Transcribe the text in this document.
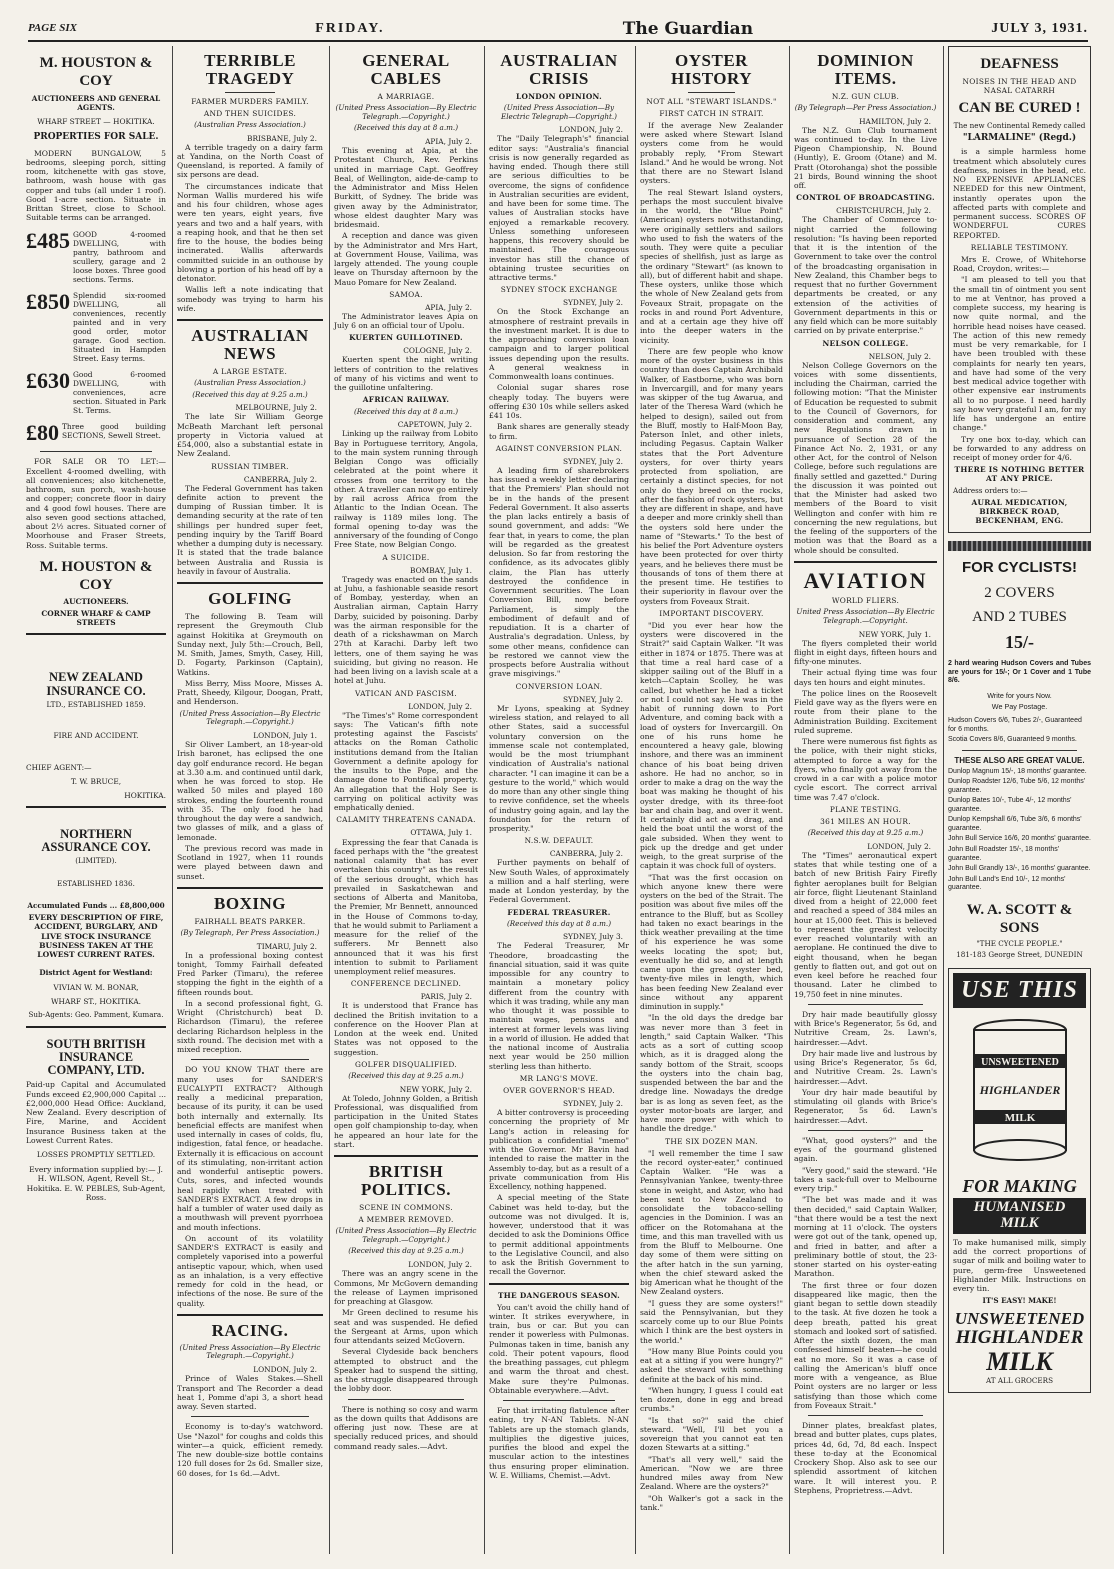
PAGE SIX	FRIDAY.	The Guardian	JULY 3, 1931.
M. HOUSTON & COY
AUCTIONEERS AND GENERAL AGENTS.
WHARF STREET — HOKITIKA.
PROPERTIES FOR SALE.

MODERN BUNGALOW, 5 bedrooms, sleeping porch, sitting room, kitchenette with gas stove, bathroom, wash house with gas copper and tubs (all under 1 roof). Good 1-acre section. Situate in Brittan Street, close to School. Suitable terms can be arranged.

£485 GOOD 4-roomed DWELLING, with pantry, bathroom and scullery, garage and 2 loose boxes. Three good sections. Terms.
£850 Splendid six-roomed DWELLING, all conveniences, recently painted and in very good order, motor garage. Good section. Situated in Hampden Street. Easy terms.
£630 Good 6-roomed DWELLING, with conveniences, acre section. Situated in Park St. Terms.
£80 Three good building SECTIONS, Sewell Street.

FOR SALE OR TO LET:—Excellent 4-roomed dwelling, with all conveniences; also kitchenette, bathroom, sun porch, wash-house and copper; concrete floor in dairy and 4 good fowl houses. There are also seven good sections attached, about 2½ acres. Situated corner of Moorhouse and Fraser Streets, Ross. Suitable terms.

M. HOUSTON & COY
AUCTIONEERS.
CORNER WHARF & CAMP STREETS
NEW ZEALAND INSURANCE CO.
LTD., ESTABLISHED 1859.
FIRE AND ACCIDENT.
CHIEF AGENT:—
T. W. BRUCE,
HOKITIKA.
NORTHERN ASSURANCE COY.
(LIMITED).
ESTABLISHED 1836.
Accumulated Funds ... £8,800,000

EVERY DESCRIPTION OF FIRE, ACCIDENT, BURGLARY, AND LIVE STOCK INSURANCE BUSINESS TAKEN AT THE LOWEST CURRENT RATES.

District Agent for Westland:
VIVIAN W. M. BONAR,
WHARF ST., HOKITIKA.
Sub-Agents: Geo. Pamment, Kumara.
SOUTH BRITISH INSURANCE COMPANY, LTD.

Paid-up Capital and Accumulated Funds exceed £2,900,000 Capital ... £2,000,000 Head Office: Auckland, New Zealand. Every description of Fire, Marine, and Accident Insurance Business taken at the Lowest Current Rates.

LOSSES PROMPTLY SETTLED.

Every information supplied by:— J. H. WILSON, Agent, Revell St., Hokitika. E. W. PEBLES, Sub-Agent, Ross.

TERRIBLE TRAGEDY
FARMER MURDERS FAMILY.
AND THEN SUICIDES.
(Australian Press Association.)
BRISBANE, July 2.

A terrible tragedy on a dairy farm at Yandina, on the North Coast of Queensland, is reported. A family of six persons are dead.

The circumstances indicate that Norman Wallis murdered his wife and his four children, whose ages were ten years, eight years, five years and two and a half years, with a reaping hook, and that he then set fire to the house, the bodies being incinerated. Wallis afterwards committed suicide in an outhouse by blowing a portion of his head off by a detonator.

Wallis left a note indicating that somebody was trying to harm his wife.

AUSTRALIAN NEWS
A LARGE ESTATE.
(Australian Press Association.)
(Received this day at 9.25 a.m.)
MELBOURNE, July 2.

The late Sir William George McBeath Marchant left personal property in Victoria valued at £54,000, also a substantial estate in New Zealand.

RUSSIAN TIMBER.
CANBERRA, July 2.

The Federal Government has taken definite action to prevent the dumping of Russian timber. It is demanding security at the rate of ten shillings per hundred super feet, pending inquiry by the Tariff Board whether a dumping duty is necessary. It is stated that the trade balance between Australia and Russia is heavily in favour of Australia.

GOLFING

The following B. Team will represent the Greymouth Club against Hokitika at Greymouth on Sunday next, July 5th:—Crouch, Bell, M. Smith, James, Smyth, Casey, Hill, D. Fogarty, Parkinson (Captain), Watkins.

Miss Berry, Miss Moore, Misses A. Pratt, Sheedy, Kilgour, Doogan, Pratt, and Henderson.

(United Press Association—By Electric Telegraph.—Copyright.)
LONDON, July 1.

Sir Oliver Lambert, an 18-year-old Irish baronet, has eclipsed the one day golf endurance record. He began at 3.30 a.m. and continued until dark, when he was forced to stop. He walked 50 miles and played 180 strokes, ending the fourteenth round with 35. The only food he had throughout the day were a sandwich, two glasses of milk, and a glass of lemonade.

The previous record was made in Scotland in 1927, when 11 rounds were played between dawn and sunset.

BOXING
FAIRHALL BEATS PARKER.
(By Telegraph, Per Press Association.)
TIMARU, July 2.

In a professional boxing contest tonight, Tommy Fairhall defeated Fred Parker (Timaru), the referee stopping the fight in the eighth of a fifteen rounds bout.

In a second professional fight, G. Wright (Christchurch) beat D. Richardson (Timaru), the referee declaring Richardson helpless in the sixth round. The decision met with a mixed reception.

DO YOU KNOW THAT there are many uses for SANDER'S EUCALYPTI EXTRACT? Although really a medicinal preparation, because of its purity, it can be used both internally and externally. Its beneficial effects are manifest when used internally in cases of colds, flu, indigestion, fatal fence, or headache. Externally it is efficacious on account of its stimulating, non-irritant action and wonderful antiseptic powers. Cuts, sores, and infected wounds heal rapidly when treated with SANDER'S EXTRACT. A few drops in half a tumbler of water used daily as a mouthwash will prevent pyorrhoea and mouth infections.

On account of its volatility SANDER'S EXTRACT is easily and completely vaporised into a powerful antiseptic vapour, which, when used as an inhalation, is a very effective remedy for cold in the head, or infections of the nose. Be sure of the quality.

RACING.
(United Press Association—By Electric Telegraph.—Copyright.)
LONDON, July 2.

Prince of Wales Stakes.—Shell Transport and The Recorder a dead heat 1, Pomme d'api 3, a short head away. Seven started.

Economy is to-day's watchword. Use "Nazol" for coughs and colds this winter—a quick, efficient remedy. The new double-size bottle contains 120 full doses for 2s 6d. Smaller size, 60 doses, for 1s 6d.—Advt.

GENERAL CABLES
A MARRIAGE.
(United Press Association—By Electric Telegraph.—Copyright.)
(Received this day at 8 a.m.)
APIA, July 2.

This evening at Apia, at the Protestant Church, Rev. Perkins united in marriage Capt. Geoffrey Beal, of Wellington, aide-de-camp to the Administrator and Miss Helen Burkitt, of Sydney. The bride was given away by the Administrator, whose eldest daughter Mary was bridesmaid.

A reception and dance was given by the Administrator and Mrs Hart, at Government House, Vailima, was largely attended. The young couple leave on Thursday afternoon by the Mauo Pomare for New Zealand.

SAMOA.
APIA, July 2.

The Administrator leaves Apia on July 6 on an official tour of Upolu.

KUERTEN GUILLOTINED.
COLOGNE, July 2.

Kuerten spent the night writing letters of contrition to the relatives of many of his victims and went to the guillotine unfaltering.

AFRICAN RAILWAY.
(Received this day at 8 a.m.)
CAPETOWN, July 2.

Linking up the railway from Lobito Bay in Portuguese territory, Angola, to the main system running through Belgian Congo was officially celebrated at the point where it crosses from one territory to the other. A traveller can now go entirely by rail across Africa from the Atlantic to the Indian Ocean. The railway is 1189 miles long. The formal opening to-day was the anniversary of the founding of Congo Free State, now Belgian Congo.

A SUICIDE.
BOMBAY, July 1.

Tragedy was enacted on the sands at Juhu, a fashionable seaside resort of Bombay, yesterday, when an Australian airman, Captain Harry Darby, suicided by poisoning. Darby was the airman responsible for the death of a rickshawman on March 27th at Karachi. Darby left two letters, one of them saying he was suiciding, but giving no reason. He had been living on a lavish scale at a hotel at Juhu.

VATICAN AND FASCISM.
LONDON, July 2.

"The Times's" Rome correspondent says: The Vatican's fifth note protesting against the Fascists' attacks on the Roman Catholic institutions demand from the Italian Government a definite apology for the insults to the Pope, and the damage done to Pontifical property. An allegation that the Holy See is carrying on political activity was emphatically denied.

CALAMITY THREATENS CANADA.
OTTAWA, July 1.

Expressing the fear that Canada is faced perhaps with the "the greatest national calamity that has ever overtaken this country" as the result of the serious drought, which has prevailed in Saskatchewan and sections of Alberta and Manitoba, the Premier, Mr Bennett, announced in the House of Commons to-day, that he would submit to Parliament a measure for the relief of the sufferers. Mr Bennett also announced that it was his first intention to submit to Parliament unemployment relief measures.

CONFERENCE DECLINED.
PARIS, July 2.

It is understood that France has declined the British invitation to a conference on the Hoover Plan at London at the week end. United States was not opposed to the suggestion.

GOLFER DISQUALIFIED.
(Received this day at 9.25 a.m.)
NEW YORK, July 2.

At Toledo, Johnny Golden, a British Professional, was disqualified from participation in the United States open golf championship to-day, when he appeared an hour late for the start.

BRITISH POLITICS.
SCENE IN COMMONS.
A MEMBER REMOVED.
(United Press Association—By Electric Telegraph.—Copyright.)
(Received this day at 9.25 a.m.)
LONDON, July 2.

There was an angry scene in the Commons, Mr McGovern demanding the release of Laymen imprisoned for preaching at Glasgow.

Mr Green declined to resume his seat and was suspended. He defied the Sergeant at Arms, upon which four attendants seized McGovern.

Several Clydeside back benchers attempted to obstruct and the Speaker had to suspend the sitting, as the struggle disappeared through the lobby door.

There is nothing so cosy and warm as the down quilts that Addisons are offering just now. These are at specially reduced prices, and should command ready sales.—Advt.

AUSTRALIAN CRISIS
LONDON OPINION.
(United Press Association—By Electric Telegraph—Copyright.)
LONDON, July 2.

The "Daily Telegraph's" financial editor says: "Australia's financial crisis is now generally regarded as having ended. Though there still are serious difficulties to be overcome, the signs of confidence in Australian securities are evident, and have been for some time. The values of Australian stocks have enjoyed a remarkable recovery. Unless something unforeseen happens, this recovery should be maintained. The courageous investor has still the chance of obtaining trustee securities on attractive terms."

SYDNEY STOCK EXCHANGE
SYDNEY, July 2.

On the Stock Exchange an atmosphere of restraint prevails in the investment market. It is due to the approaching conversion loan campaign and to larger political issues depending upon the results. A general weakness in Commonwealth loans continues.

Colonial sugar shares rose cheaply today. The buyers were offering £30 10s while sellers asked £41 10s.

Bank shares are generally steady to firm.

AGAINST CONVERSION PLAN.
SYDNEY, July 2.

A leading firm of sharebrokers has issued a weekly letter declaring that the Premiers' Plan should not be in the hands of the present Federal Government. It also asserts the plan lacks entirely a basis of sound government, and adds: "We fear that, in years to come, the plan will be regarded as the greatest delusion. So far from restoring the confidence, as its advocates glibly claim, the Plan has utterly destroyed the confidence in Government securities. The Loan Conversion Bill, now before Parliament, is simply the embodiment of default and of repudiation. It is a charter of Australia's degradation. Unless, by some other means, confidence can be restored we cannot view the prospects before Australia without grave misgivings."

CONVERSION LOAN.
SYDNEY, July 2.

Mr Lyons, speaking at Sydney wireless station, and relayed to all other States, said a successful voluntary conversion on the immense scale not contemplated, would be the most triumphant vindication of Australia's national character. "I can imagine it can be a gesture to the world," which would do more than any other single thing to revive confidence, set the wheels of industry going again, and lay the foundation for the return of prosperity."

N.S.W. DEFAULT.
CANBERRA, July 2.

Further payments on behalf of New South Wales, of approximately a million and a half sterling, were made at London yesterday, by the Federal Government.

FEDERAL TREASURER.
(Received this day at 8 a.m.)
SYDNEY, July 3.

The Federal Treasurer, Mr Theodore, broadcasting the financial situation, said it was quite impossible for any country to maintain a monetary policy different from the country with which it was trading, while any man who thought it was possible to maintain wages, pensions and interest at former levels was living in a world of illusion. He added that the national income of Australia next year would be 250 million sterling less than hitherto.

MR LANG'S MOVE.
OVER GOVERNOR'S HEAD.
SYDNEY, July 2.

A bitter controversy is proceeding concerning the propriety of Mr Lang's action in releasing for publication a confidential "memo" with the Governor. Mr Bavin had intended to raise the matter in the Assembly to-day, but as a result of a private communication from His Excellency, nothing happened.

A special meeting of the State Cabinet was held to-day, but the outcome was not divulged. It is, however, understood that it was decided to ask the Dominions Office to permit additional appointments to the Legislative Council, and also to ask the British Government to recall the Governor.

THE DANGEROUS SEASON.

You can't avoid the chilly hand of winter. It strikes everywhere, in train, bus or car. But you can render it powerless with Pulmonas. Pulmonas taken in time, banish any cold. Their potent vapours, flood the breathing passages, cut phlegm and warm the throat and chest. Make sure they're Pulmonas. Obtainable everywhere.—Advt.

For that irritating flatulence after eating, try N-AN Tablets. N-AN Tablets are up the stomach glands, multiplies the digestive juices, purifies the blood and expel the muscular action to the intestines thus ensuring proper elimination. W. E. Williams, Chemist.—Advt.

OYSTER HISTORY
NOT ALL "STEWART ISLANDS."
FIRST CATCH IN STRAIT.

If the average New Zealander were asked where Stewart Island oysters come from he would probably reply, "From Stewart Island." And he would be wrong. Not that there are no Stewart Island oysters.

The real Stewart Island oysters, perhaps the most succulent bivalve in the world, the "Blue Point" (American) oysters notwithstanding, were originally settlers and sailors who used to fish the waters of the south. They were quite a peculiar species of shellfish, just as large as the ordinary "Stewart" (as known to all), but of different habit and shape. These oysters, unlike those which the whole of New Zealand gets from Foveaux Strait, propagate on the rocks in and round Port Adventure, and at a certain age they hive off into the deeper waters in the vicinity.

There are few people who know more of the oyster business in this country than does Captain Archibald Walker, of Eastborne, who was born in Invercargill, and for many years was skipper of the tug Awarua, and later of the Theresa Ward (which he helped to design), sailed out from the Bluff, mostly to Half-Moon Bay, Paterson Inlet, and other inlets, including Pegasus. Captain Walker states that the Port Adventure oysters, for over thirty years protected from spoliation, are certainly a distinct species, for not only do they breed on the rocks, after the fashion of rock oysters, but they are different in shape, and have a deeper and more crinkly shell than the oysters sold here under the name of "Stewarts." To the best of his belief the Port Adventure oysters have been protected for over thirty years, and he believes there must be thousands of tons of them there at the present time. He testifies to their superiority in flavour over the oysters from Foveaux Strait.

IMPORTANT DISCOVERY.

"Did you ever hear how the oysters were discovered in the Strait?" said Captain Walker. "It was either in 1874 or 1875. There was at that time a real hard case of a skipper sailing out of the Bluff in a ketch—Captain Scolley, he was called, but whether he had a ticket or not I could not say. He was in the habit of running down to Port Adventure, and coming back with a load of oysters for Invercargill. On one of his runs home he encountered a heavy gale, blowing inshore, and there was an imminent chance of his boat being driven ashore. He had no anchor, so in order to make a drag on the way the boat was making he thought of his oyster dredge, with its three-foot bar and chain bag, and over it went. It certainly did act as a drag, and held the boat until the worst of the gale subsided. When they went to pick up the dredge and get under weigh, to the great surprise of the captain it was chock full of oysters.

"That was the first occasion on which anyone knew there were oysters on the bed of the Strait. The position was about five miles off the entrance to the Bluff, but as Scolley had taken no exact bearings in the thick weather prevailing at the time of his experience he was some weeks locating the spot; but, eventually he did so, and at length came upon the great oyster bed, twenty-five miles in length, which has been feeding New Zealand ever since without any apparent diminution in supply."

"In the old days the dredge bar was never more than 3 feet in length," said Captain Walker. "This acts as a sort of cutting scoop which, as it is dragged along the sandy bottom of the Strait, scoops the oysters into the chain bag, suspended between the bar and the dredge line. Nowadays the dredge bar is as long as seven feet, as the oyster motor-boats are larger, and have more power with which to handle the dredge."

THE SIX DOZEN MAN.

"I well remember the time I saw the record oyster-eater," continued Captain Walker. "He was a Pennsylvanian Yankee, twenty-three stone in weight, and Astor, who had been sent to New Zealand to consolidate the tobacco-selling agencies in the Dominion. I was an officer on the Rotomahana at the time, and this man travelled with us from the Bluff to Melbourne. One day some of them were sitting on the after hatch in the sun yarning, when the chief steward asked the big American what he thought of the New Zealand oysters.

"I guess they are some oysters!" said the Pennsylvanian, but they scarcely come up to our Blue Points which I think are the best oysters in the world."

"How many Blue Points could you eat at a sitting if you were hungry?" asked the steward with something definite at the back of his mind.

"When hungry, I guess I could eat ten dozen, done in egg and bread crumbs."

"Is that so?" said the chief steward. "Well, I'll bet you a sovereign that you cannot eat ten dozen Stewarts at a sitting."

"That's all very well," said the American. "Now we are three hundred miles away from New Zealand. Where are the oysters?"

"Oh Walker's got a sack in the tank."

DOMINION ITEMS.
N.Z. GUN CLUB.
(By Telegraph—Per Press Association.)
HAMILTON, July 2.

The N.Z. Gun Club tournament was continued to-day. In the Live Pigeon Championship, N. Bound (Huntly), E. Groom (Otane) and M. Pratt (Otorohanga) shot the possible 21 birds, Bound winning the shoot off.

CONTROL OF BROADCASTING.
CHRISTCHURCH, July 2.

The Chamber of Commerce to-night carried the following resolution: "Is having been reported that it is the intention of the Government to take over the control of the broadcasting organisation in New Zealand, this Chamber begs to request that no further Government departments be created, or any extension of the activities of Government departments in this or any field which can be more suitably carried on by private enterprise."

NELSON COLLEGE.
NELSON, July 2.

Nelson College Governors on the voices with some dissentients, including the Chairman, carried the following motion: "That the Minister of Education be requested to submit to the Council of Governors, for consideration and comment, any new Regulations drawn in pursuance of Section 28 of the Finance Act No. 2, 1931, or any other Act, for the control of Nelson College, before such regulations are finally settled and gazetted." During the discussion it was pointed out that the Minister had asked two members of the Board to visit Wellington and confer with him re concerning the new regulations, but the feeling of the supporters of the motion was that the Board as a whole should be consulted.

AVIATION
WORLD FLIERS.
United Press Association—By Electric Telegraph.—Copyright.
NEW YORK, July 1.

The flyers completed their world flight in eight days, fifteen hours and fifty-one minutes.

Their actual flying time was four days ten hours and eight minutes.

The police lines on the Roosevelt Field gave way as the flyers were en route from their plane to the Administration Building. Excitement ruled supreme.

There were numerous fist fights as the police, with their night sticks, attempted to force a way for the flyers, who finally got away from the crowd in a car with a police motor cycle escort. The correct arrival time was 7.47 o'clock.

PLANE TESTING.
361 MILES AN HOUR.
(Received this day at 9.25 a.m.)
LONDON, July 2.

The "Times" aeronautical expert states that while testing one of a batch of new British Fairy Firefly fighter aeroplanes built for Belgian air force, flight Lieutenant Stainland dived from a height of 22,000 feet and reached a speed of 384 miles an hour at 15,000 feet. This is believed to represent the greatest velocity ever reached voluntarily with an aeroplane. He continued the dive to eight thousand, when he began gently to flatten out, and got out on even keel before he reached four thousand. Later he climbed to 19,750 feet in nine minutes.

Dry hair made beautifully glossy with Brice's Regenerator, 5s 6d, and Nutritive Cream, 2s. Lawn's, hairdresser.—Advt.

Dry hair made live and lustrous by using Brice's Regenerator, 5s 6d, and Nutritive Cream. 2s. Lawn's hairdresser.—Advt.

Your dry hair made beautiful by stimulating oil glands with Brice's Regenerator, 5s 6d. Lawn's hairdresser.—Advt.

"What, good oysters?" and the eyes of the gourmand glistened again.

"Very good," said the steward. "He takes a sack-full over to Melbourne every trip."

"The bet was made and it was then decided," said Captain Walker, "that there would be a test the next morning at 11 o'clock. The oysters were got out of the tank, opened up, and fried in batter, and after a preliminary bottle of stout, the 23-stoner started on his oyster-eating Marathon.

The first three or four dozen disappeared like magic, then the giant began to settle down steadily to the task. At five dozen he took a deep breath, patted his great stomach and looked sort of satisfied. After the sixth dozen, the man confessed himself beaten—he could eat no more. So it was a case of calling the American's bluff once more with a vengeance, as Blue Point oysters are no larger or less satisfying than those which come from Foveaux Strait."

Dinner plates, breakfast plates, bread and butter plates, cups plates, prices 4d, 6d, 7d, 8d each. Inspect these to-day at the Economical Crockery Shop. Also ask to see our splendid assortment of kitchen ware. It will interest you. P. Stephens, Proprietress.—Advt.

DEAFNESS
NOISES IN THE HEAD AND NASAL CATARRH
CAN BE CURED !
The new Continental Remedy called
"LARMALINE" (Regd.)

is a simple harmless home treatment which absolutely cures deafness, noises in the head, etc. NO EXPENSIVE APPLIANCES NEEDED for this new Ointment, instantly operates upon the affected parts with complete and permanent success. SCORES OF WONDERFUL CURES REPORTED.

RELIABLE TESTIMONY.

Mrs E. Crowe, of Whitehorse Road, Croydon, writes:—

"I am pleased to tell you that the small tin of ointment you sent to me at Ventnor, has proved a complete success, my hearing is now quite normal, and the horrible head noises have ceased. The action of this new remedy must be very remarkable, for I have been troubled with these complaints for nearly ten years, and have had some of the very best medical advice together with other expensive ear instruments all to no purpose. I need hardly say how very grateful I am, for my life has undergone an entire change."

Try one box to-day, which can be forwarded to any address on receipt of money order for 4/6.

THERE IS NOTHING BETTER AT ANY PRICE.
Address orders to:—
AURAL MEDICATION, BIRKBECK ROAD, BECKENHAM, ENG.
FOR CYCLISTS!
2 COVERS
AND 2 TUBES
15/-

2 hard wearing Hudson Covers and Tubes are yours for 15/-; Or 1 Cover and 1 Tube 8/6.

Write for yours Now.
We Pay Postage.
Hudson Covers 6/6, Tubes 2/-, Guaranteed for 6 months.
Scotia Covers 8/6, Guaranteed 9 months.
THESE ALSO ARE GREAT VALUE.
Dunlop Magnum 15/-, 18 months' guarantee.
Dunlop Roadster 12/6, Tube 5/6, 12 months' guarantee.
Dunlop Bates 10/-, Tube 4/-, 12 months' guarantee.
Dunlop Kempshall 6/6, Tube 3/6, 6 months' guarantee.
John Bull Service 16/6, 20 months' guarantee.
John Bull Roadster 15/-, 18 months' guarantee.
John Bull Grandly 13/-, 16 months' guarantee.
John Bull Land's End 10/-, 12 months' guarantee.
W. A. SCOTT & SONS
"THE CYCLE PEOPLE."
181-183 George Street, DUNEDIN
USE THIS
UNSWEETENED
HIGHLANDER
MILK
FOR MAKING
HUMANISED MILK

To make humanised milk, simply add the correct proportions of sugar of milk and boiling water to pure, germ-free Unsweetened Highlander Milk. Instructions on every tin.

IT'S EASY! MAKE!
UNSWEETENED
HIGHLANDER
MILK
AT ALL GROCERS
